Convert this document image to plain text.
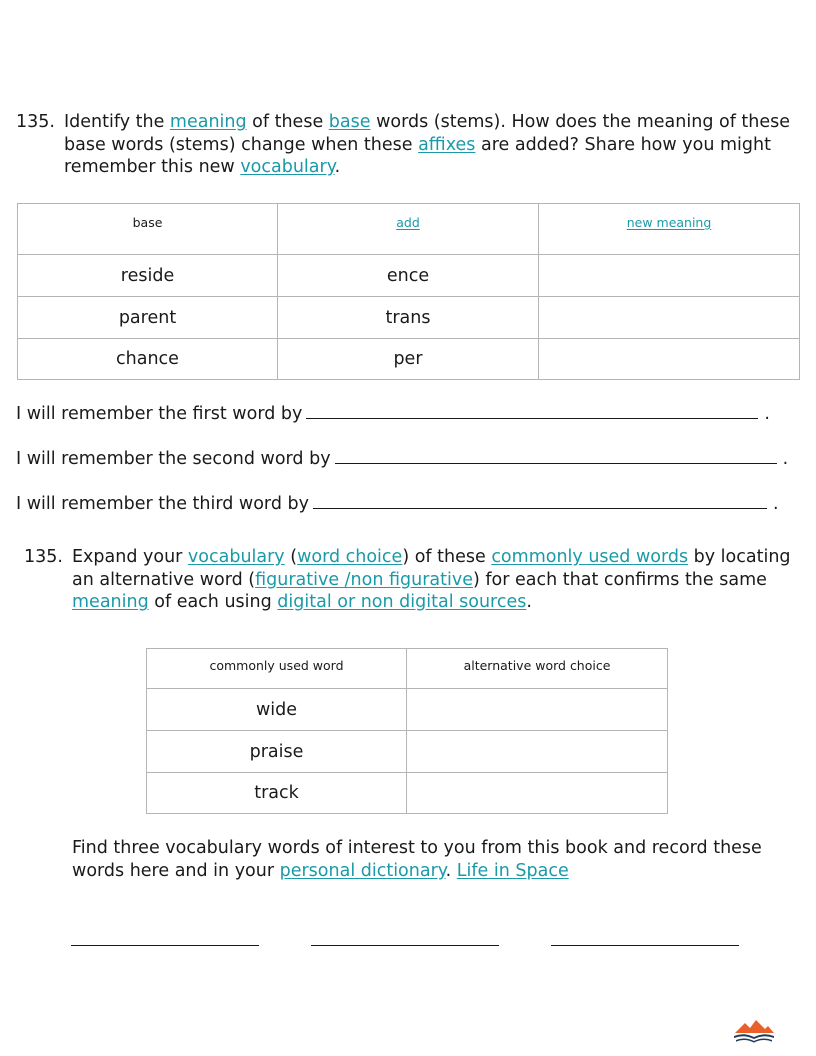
135. Identify the meaning of these base words (stems). How does the meaning of these
base words (stems) change when these affixes are added? Share how you might
remember this new vocabulary.
base	add	new meaning
reside	ence	
parent	trans	
chance	per	
I will remember the first word by	.
I will remember the second word by	.
I will remember the third word by	.
135. Expand your vocabulary (word choice) of these commonly used words by locating
an alternative word (figurative /non figurative) for each that confirms the same
meaning of each using digital or non digital sources.
commonly used word	alternative word choice
wide	
praise	
track	
Find three vocabulary words of interest to you from this book and record these
words here and in your personal dictionary. Life in Space
